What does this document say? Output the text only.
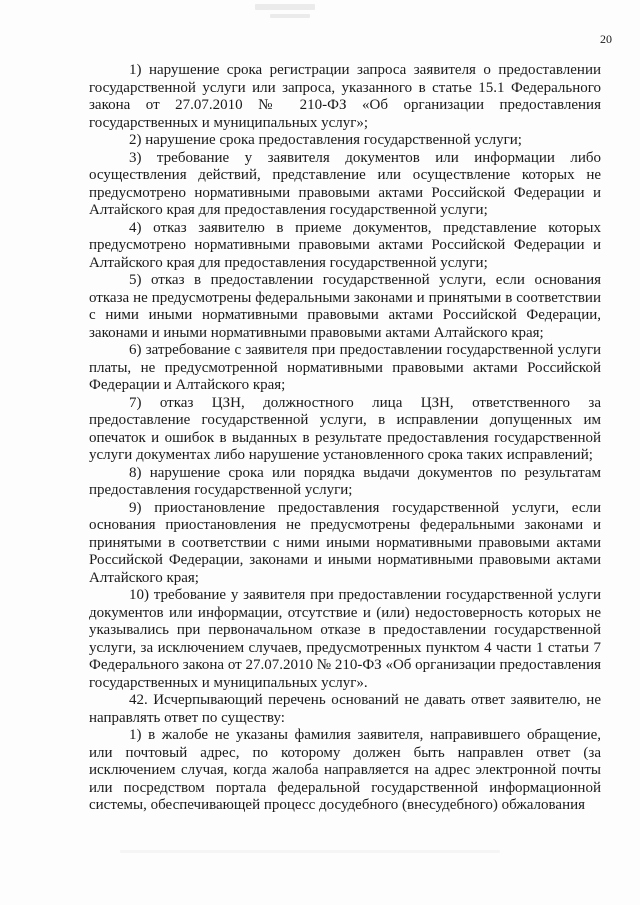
20

1) нарушение срока регистрации запроса заявителя о предоставлении государственной услуги или запроса, указанного в статье 15.1 Федерального закона от 27.07.2010 № 210-ФЗ «Об организации предоставления государственных и муниципальных услуг»;

2) нарушение срока предоставления государственной услуги;

3) требование у заявителя документов или информации либо осуществления действий, представление или осуществление которых не предусмотрено нормативными правовыми актами Российской Федерации и Алтайского края для предоставления государственной услуги;

4) отказ заявителю в приеме документов, представление которых предусмотрено нормативными правовыми актами Российской Федерации и Алтайского края для предоставления государственной услуги;

5) отказ в предоставлении государственной услуги, если основания отказа не предусмотрены федеральными законами и принятыми в соответствии с ними иными нормативными правовыми актами Российской Федерации, законами и иными нормативными правовыми актами Алтайского края;

6) затребование с заявителя при предоставлении государственной услуги платы, не предусмотренной нормативными правовыми актами Российской Федерации и Алтайского края;

7) отказ ЦЗН, должностного лица ЦЗН, ответственного за предоставление государственной услуги, в исправлении допущенных им опечаток и ошибок в выданных в результате предоставления государственной услуги документах либо нарушение установленного срока таких исправлений;

8) нарушение срока или порядка выдачи документов по результатам предоставления государственной услуги;

9) приостановление предоставления государственной услуги, если основания приостановления не предусмотрены федеральными законами и принятыми в соответствии с ними иными нормативными правовыми актами Российской Федерации, законами и иными нормативными правовыми актами Алтайского края;

10) требование у заявителя при предоставлении государственной услуги документов или информации, отсутствие и (или) недостоверность которых не указывались при первоначальном отказе в предоставлении государственной услуги, за исключением случаев, предусмотренных пунктом 4 части 1 статьи 7 Федерального закона от 27.07.2010 № 210-ФЗ «Об организации предоставления государственных и муниципальных услуг».

42. Исчерпывающий перечень оснований не давать ответ заявителю, не направлять ответ по существу:

1) в жалобе не указаны фамилия заявителя, направившего обращение, или почтовый адрес, по которому должен быть направлен ответ (за исключением случая, когда жалоба направляется на адрес электронной почты или посредством портала федеральной государственной информационной системы, обеспечивающей процесс досудебного (внесудебного) обжалования
